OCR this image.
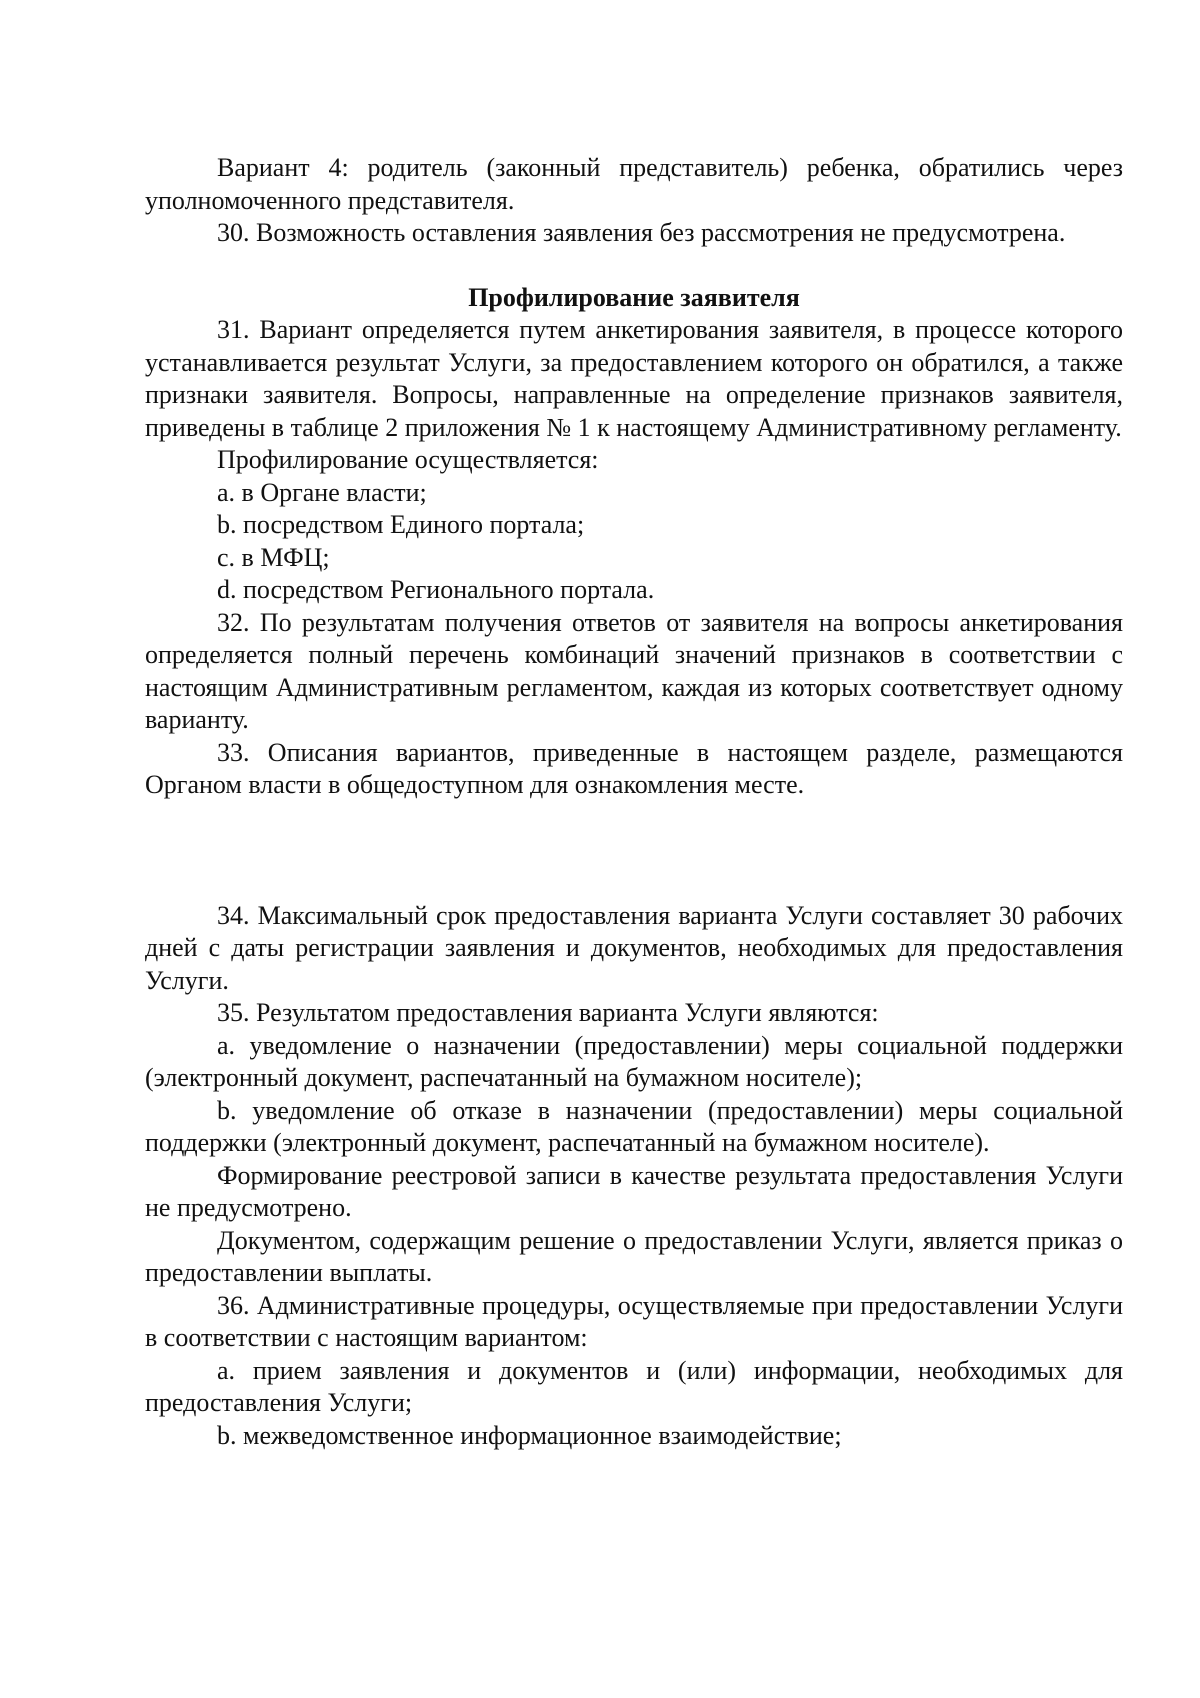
Вариант 4: родитель (законный представитель) ребенка, обратились через уполномоченного представителя.

30. Возможность оставления заявления без рассмотрения не предусмотрена.

Профилирование заявителя

31. Вариант определяется путем анкетирования заявителя, в процессе которого устанавливается результат Услуги, за предоставлением которого он обратился, а также признаки заявителя. Вопросы, направленные на определение признаков заявителя, приведены в таблице 2 приложения № 1 к настоящему Административному регламенту.

Профилирование осуществляется:

a. в Органе власти;
b. посредством Единого портала;
c. в МФЦ;
d. посредством Регионального портала.

32. По результатам получения ответов от заявителя на вопросы анкетирования определяется полный перечень комбинаций значений признаков в соответствии с настоящим Административным регламентом, каждая из которых соответствует одному варианту.

33. Описания вариантов, приведенные в настоящем разделе, размещаются Органом власти в общедоступном для ознакомления месте.

34. Максимальный срок предоставления варианта Услуги составляет 30 рабочих дней с даты регистрации заявления и документов, необходимых для предоставления Услуги.

35. Результатом предоставления варианта Услуги являются:

a. уведомление о назначении (предоставлении) меры социальной поддержки (электронный документ, распечатанный на бумажном носителе);

b. уведомление об отказе в назначении (предоставлении) меры социальной поддержки (электронный документ, распечатанный на бумажном носителе).

Формирование реестровой записи в качестве результата предоставления Услуги не предусмотрено.

Документом, содержащим решение о предоставлении Услуги, является приказ о предоставлении выплаты.

36. Административные процедуры, осуществляемые при предоставлении Услуги в соответствии с настоящим вариантом:

a. прием заявления и документов и (или) информации, необходимых для предоставления Услуги;

b. межведомственное информационное взаимодействие;
